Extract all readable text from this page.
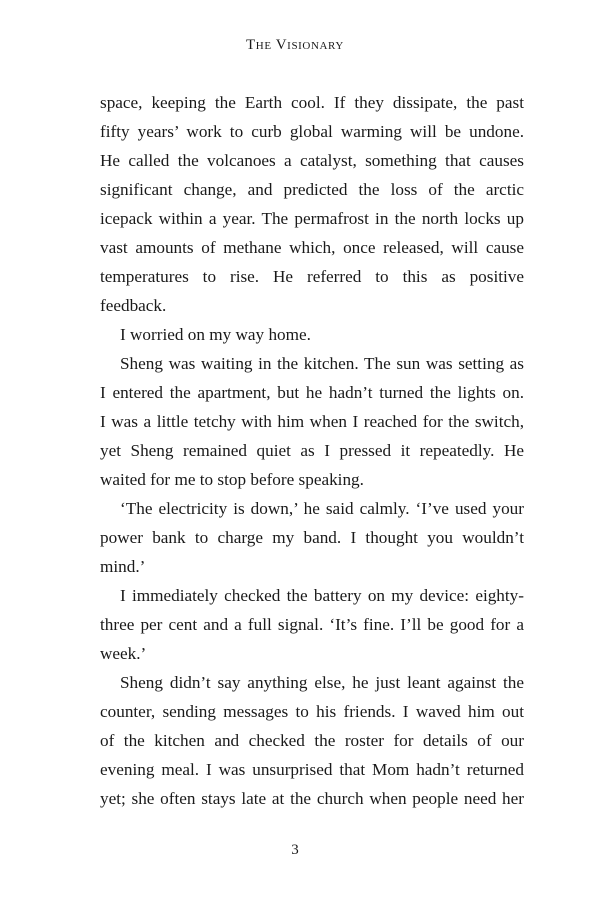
The Visionary
space, keeping the Earth cool. If they dissipate, the past
fifty years’ work to curb global warming will be undone.
He called the volcanoes a catalyst, something that causes
significant change, and predicted the loss of the arctic
icepack within a year. The permafrost in the north locks up
vast amounts of methane which, once released, will cause
temperatures to rise. He referred to this as positive
feedback.
I worried on my way home.
Sheng was waiting in the kitchen. The sun was setting as
I entered the apartment, but he hadn’t turned the lights on.
I was a little tetchy with him when I reached for the switch,
yet Sheng remained quiet as I pressed it repeatedly. He
waited for me to stop before speaking.
‘The electricity is down,’ he said calmly. ‘I’ve used your
power bank to charge my band. I thought you wouldn’t
mind.’
I immediately checked the battery on my device: eighty-
three per cent and a full signal. ‘It’s fine. I’ll be good for a
week.’
Sheng didn’t say anything else, he just leant against the
counter, sending messages to his friends. I waved him out
of the kitchen and checked the roster for details of our
evening meal. I was unsurprised that Mom hadn’t returned
yet; she often stays late at the church when people need her
3
